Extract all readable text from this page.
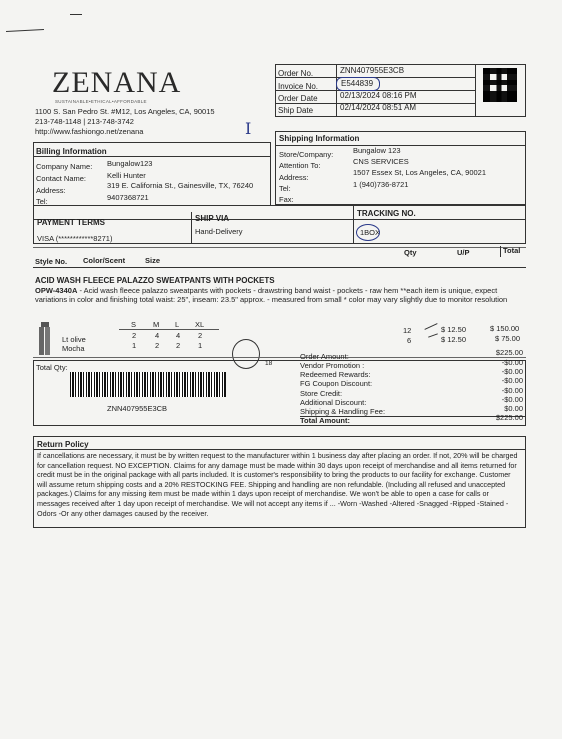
ZENANA
SUSTAINABLE•ETHICAL•AFFORDABLE
1100 S. San Pedro St. #M12, Los Angeles, CA, 90015
213-748-1148 | 213-748-3742
http://www.fashiongo.net/zenana
Order No.	ZNN407955E3CB
Invoice No.	E544839
Order Date	02/13/2024 08:16 PM
Ship Date	02/14/2024 08:51 AM
I
Billing Information
Company Name: Bungalow123
Contact Name:	Kelli Hunter
Address:
319 E. California St., Gainesville, TX, 76240
Tel:	9407368721
Shipping Information
Store/Company:	Bungalow 123
Attention To:	CNS SERVICES
Address:
1507 Essex St, Los Angeles, CA, 90021
Tel:	1 (940)736-8721
Fax:
PAYMENT TERMS
VISA (************8271)
SHIP VIA
Hand-Delivery
TRACKING NO.
1BOX
Style No. Color/Scent	Size
Qty	U/P	Total
ACID WASH FLEECE PALAZZO SWEATPANTS WITH POCKETS
OPW-4340A - Acid wash fleece palazzo sweatpants with pockets - drawstring band waist - pockets - raw hem **each item is unique, expect variations in color and finishing total waist: 25", inseam: 23.5" approx. - measured from small * color may vary slightly due to monitor resolution
S M L XL
Lt olive	2	4 4 2
12	$ 12.50	$ 150.00
Mocha	1	2 2 1
6	$ 12.50	$ 75.00
Total Qty:	18
ZNN407955E3CB
Order Amount:	$225.00
Vendor Promotion :	-$0.00
Redeemed Rewards:	-$0.00
FG Coupon Discount:	-$0.00
Store Credit:	-$0.00
Additional Discount:	-$0.00
Shipping & Handling Fee:	$0.00
Total Amount:	$225.00
Return Policy
If cancellations are necessary, it must be by written request to the manufacturer within 1 business day after placing an order. If not, 20% will be charged for cancellation request. NO EXCEPTION. Claims for any damage must be made within 30 days upon receipt of merchandise and all items returned for credit must be in the original package with all parts included. It is customer's responsibility to bring the products to our facility for exchange. Customer will assume return shipping costs and a 20% RESTOCKING FEE. Shipping and handling are non refundable. (Including all refused and unaccepted packages.) Claims for any missing item must be made within 1 days upon receipt of merchandise. We won't be able to open a case for calls or messages received after 1 day upon receipt of merchandise. We will not accept any items if ... -Worn -Washed -Altered -Snagged -Ripped -Stained -Odors -Or any other damages caused by the receiver.
